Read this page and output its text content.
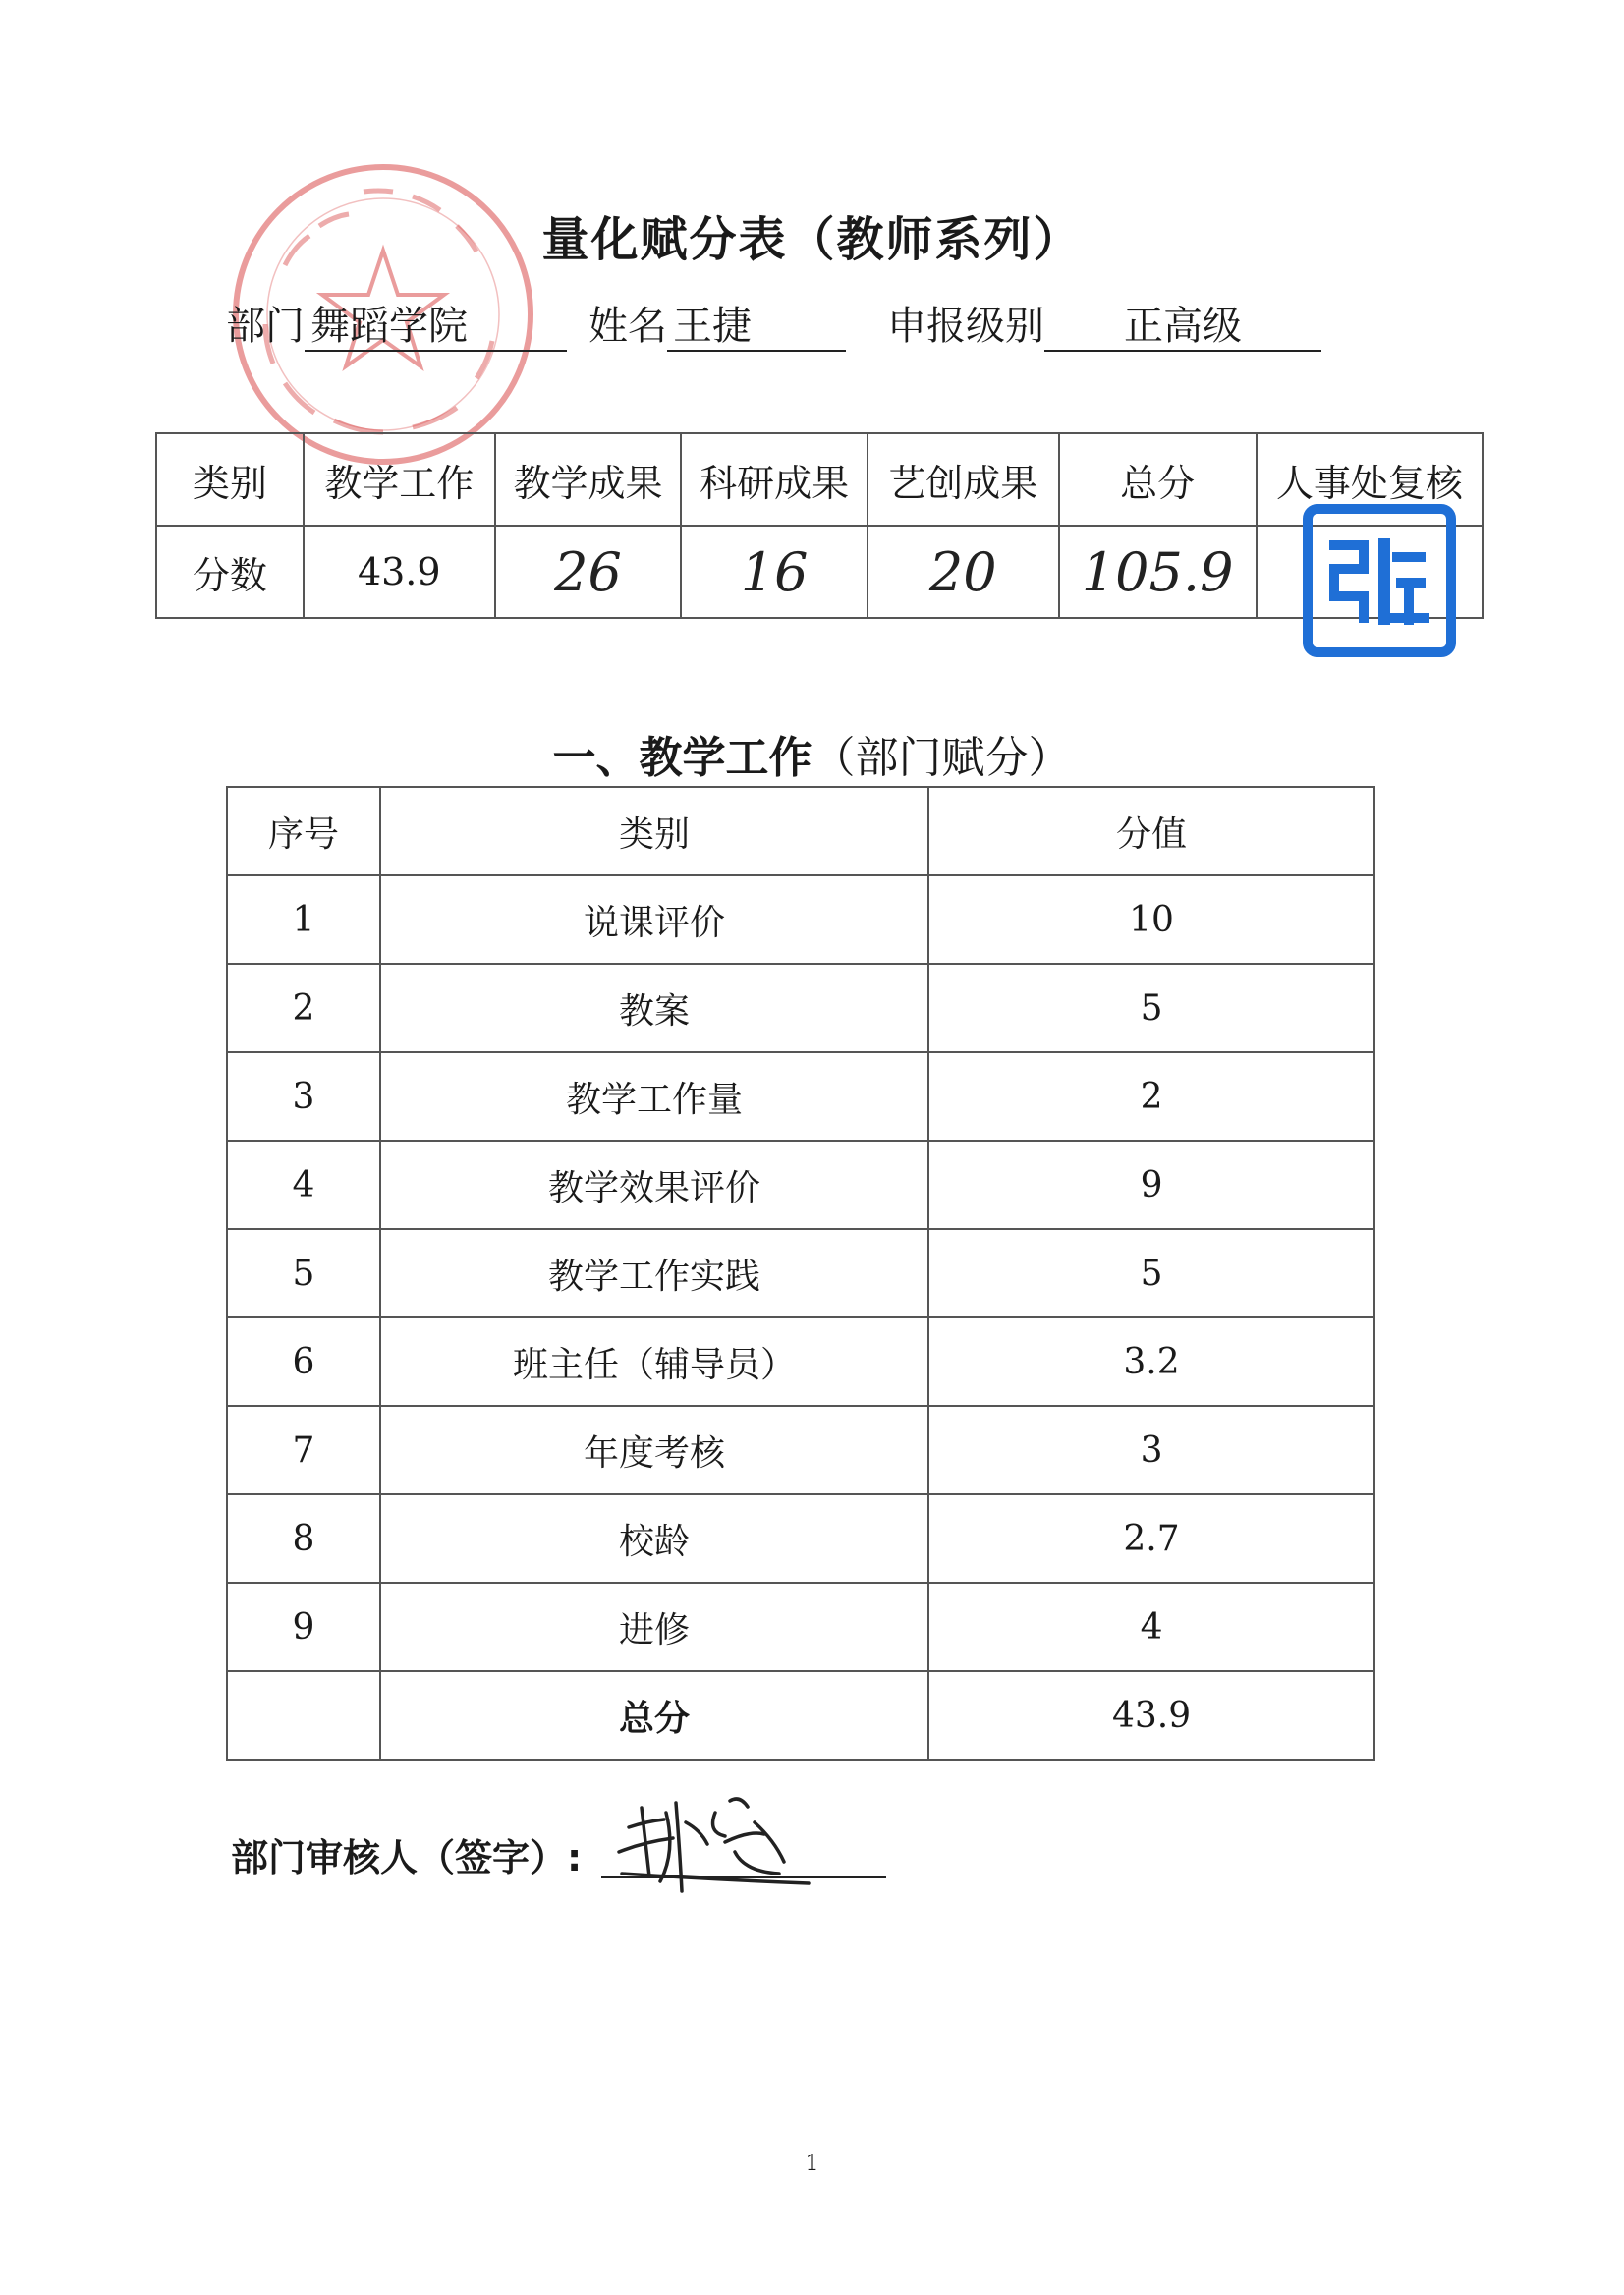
量化赋分表（教师系列）
部门 舞蹈学院	姓名 王捷	申报级别 正高级
类别	教学工作	教学成果	科研成果	艺创成果	总分	人事处复核
分数	43.9	26	16	20	105.9	
一、教学工作（部门赋分）
序号	类别	分值
1	说课评价	10
2	教案	5
3	教学工作量	2
4	教学效果评价	9
5	教学工作实践	5
6	班主任（辅导员）	3.2
7	年度考核	3
8	校龄	2.7
9	进修	4
	总分	43.9
部门审核人（签字）:
1
